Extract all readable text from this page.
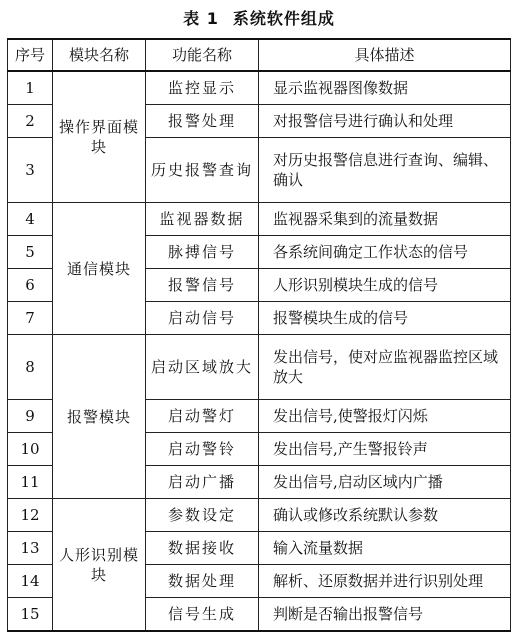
表 1 系统软件组成
序号	模块名称	功能名称	具体描述
1	操作界面模块	监控显示	显示监视器图像数据
2		报警处理	对报警信号进行确认和处理
3		历史报警查询	对历史报警信息进行查询、编辑、确认
4	通信模块	监视器数据	监视器采集到的流量数据
5		脉搏信号	各系统间确定工作状态的信号
6		报警信号	人形识别模块生成的信号
7		启动信号	报警模块生成的信号
8	报警模块	启动区域放大	发出信号，使对应监视器监控区域放大
9		启动警灯	发出信号,使警报灯闪烁
10		启动警铃	发出信号,产生警报铃声
11		启动广播	发出信号,启动区域内广播
12	人形识别模块	参数设定	确认或修改系统默认参数
13		数据接收	输入流量数据
14		数据处理	解析、还原数据并进行识别处理
15		信号生成	判断是否输出报警信号
